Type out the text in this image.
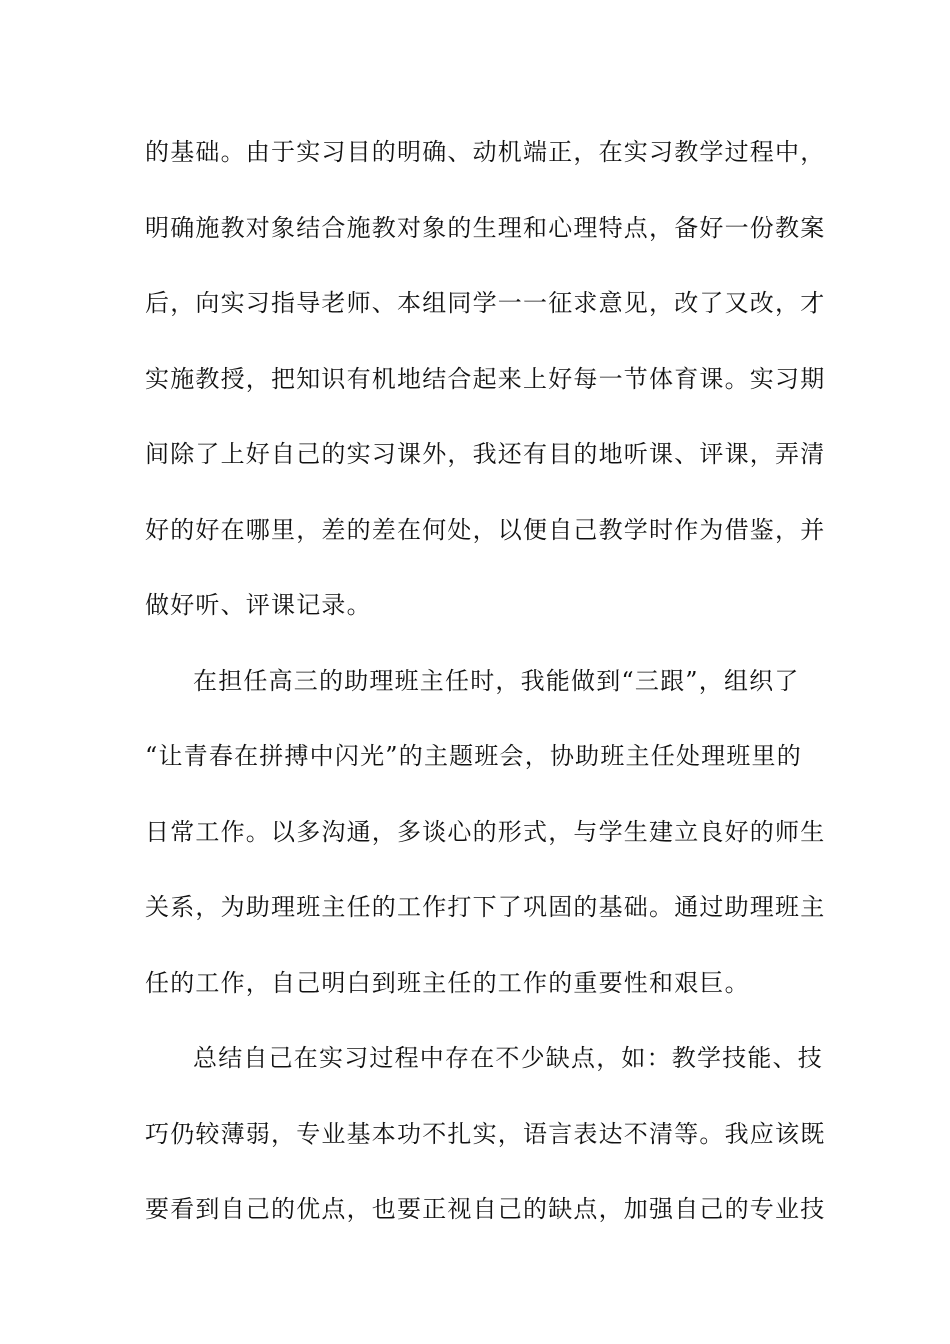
的基础。由于实习目的明确、动机端正，在实习教学过程中，
明确施教对象结合施教对象的生理和心理特点，备好一份教案
后，向实习指导老师、本组同学一一征求意见，改了又改，才
实施教授，把知识有机地结合起来上好每一节体育课。实习期
间除了上好自己的实习课外，我还有目的地听课、评课，弄清
好的好在哪里，差的差在何处，以便自己教学时作为借鉴，并
做好听、评课记录。
在担任高三的助理班主任时，我能做到“三跟”，组织了
“让青春在拼搏中闪光”的主题班会，协助班主任处理班里的
日常工作。以多沟通，多谈心的形式，与学生建立良好的师生
关系，为助理班主任的工作打下了巩固的基础。通过助理班主
任的工作，自己明白到班主任的工作的重要性和艰巨。
总结自己在实习过程中存在不少缺点，如：教学技能、技
巧仍较薄弱，专业基本功不扎实，语言表达不清等。我应该既
要看到自己的优点，也要正视自己的缺点，加强自己的专业技
